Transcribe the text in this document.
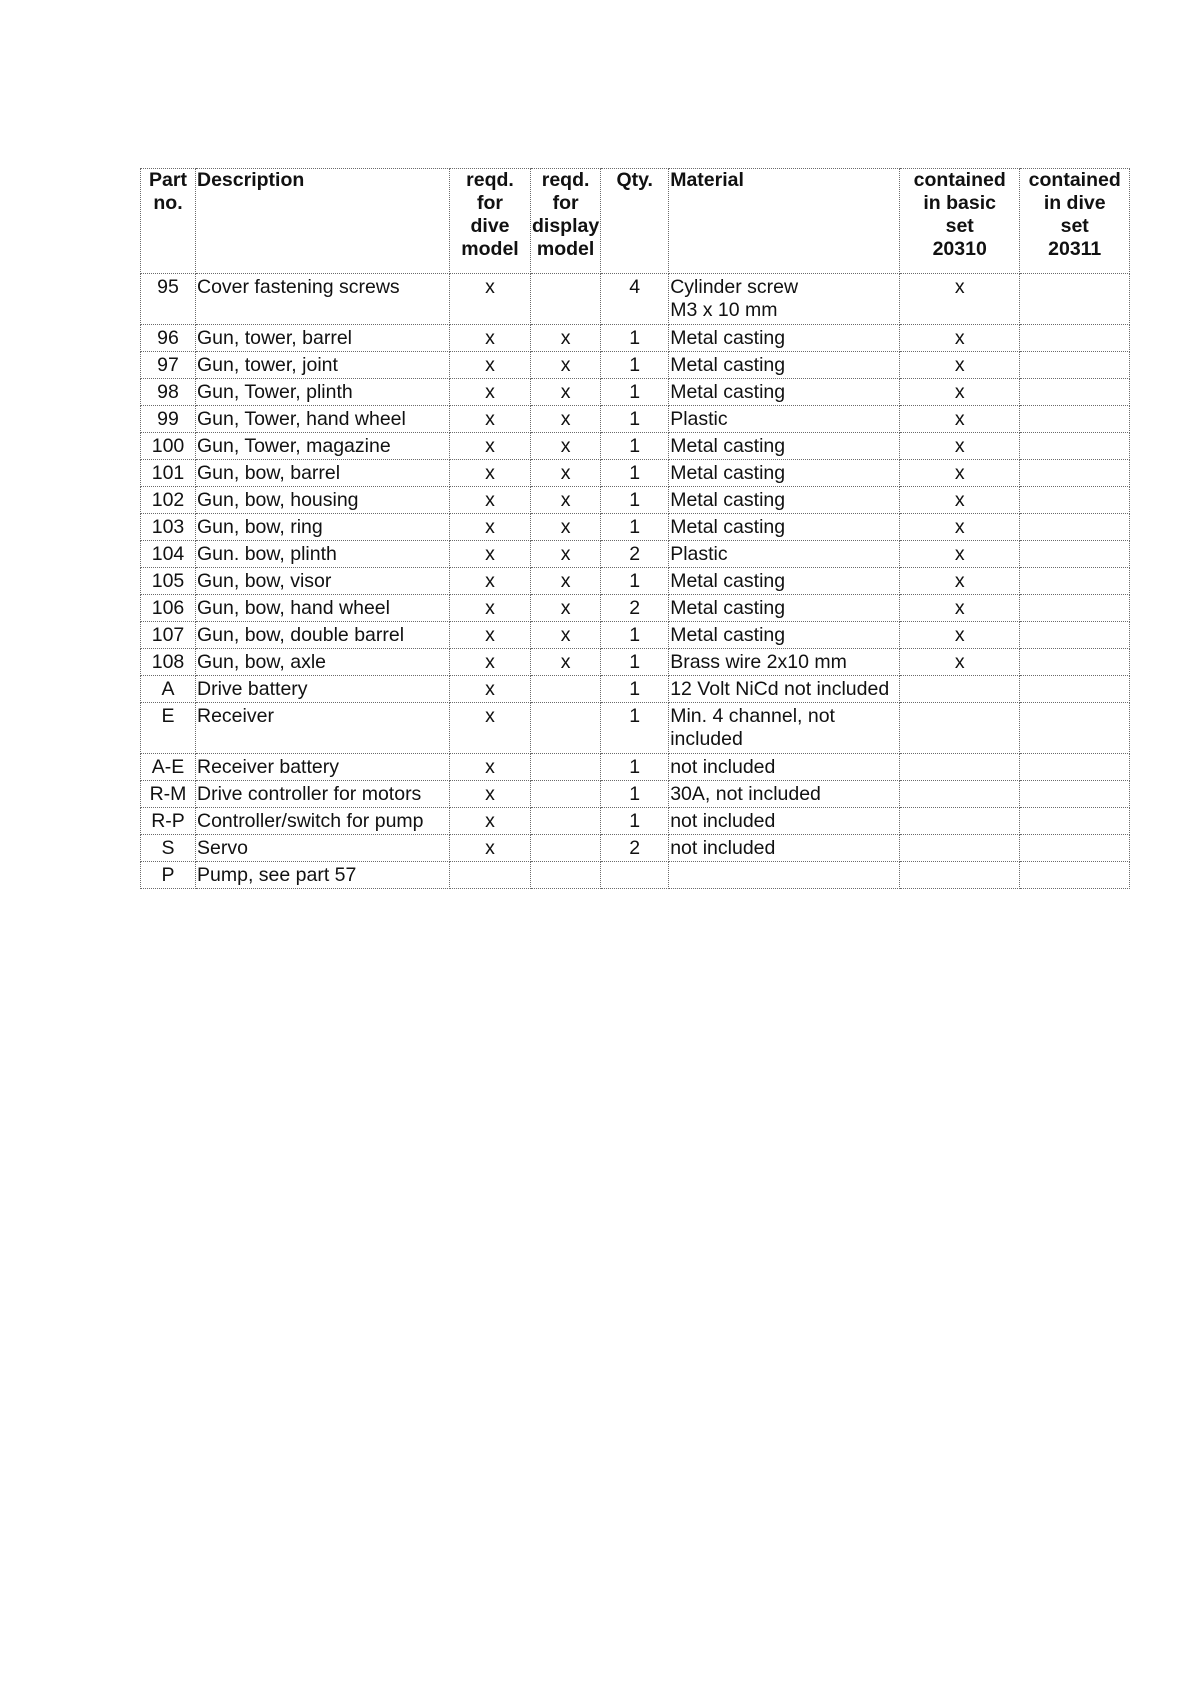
Part
no.	Description	reqd.
for
dive
model	reqd.
for
display
model	Qty.	Material	contained
in basic
set
20310	contained
in dive
set
20311

95	Cover fastening screws	x		4	Cylinder screw
M3 x 10 mm	x	
96	Gun, tower, barrel	x	x	1	Metal casting	x	
97	Gun, tower, joint	x	x	1	Metal casting	x	
98	Gun, Tower, plinth	x	x	1	Metal casting	x	
99	Gun, Tower, hand wheel	x	x	1	Plastic	x	
100	Gun, Tower, magazine	x	x	1	Metal casting	x	
101	Gun, bow, barrel	x	x	1	Metal casting	x	
102	Gun, bow, housing	x	x	1	Metal casting	x	
103	Gun, bow, ring	x	x	1	Metal casting	x	
104	Gun. bow, plinth	x	x	2	Plastic	x	
105	Gun, bow, visor	x	x	1	Metal casting	x	
106	Gun, bow, hand wheel	x	x	2	Metal casting	x	
107	Gun, bow, double barrel	x	x	1	Metal casting	x	
108	Gun, bow, axle	x	x	1	Brass wire 2x10 mm	x	
A	Drive battery	x		1	12 Volt NiCd not included		

E	Receiver	x		1	Min. 4 channel, not
included		

A-E	Receiver battery	x		1	not included		

R-M	Drive controller for motors	x		1	30A, not included		

R-P	Controller/switch for pump	x		1	not included		

S	Servo	x		2	not included		

P	Pump, see part 57						
